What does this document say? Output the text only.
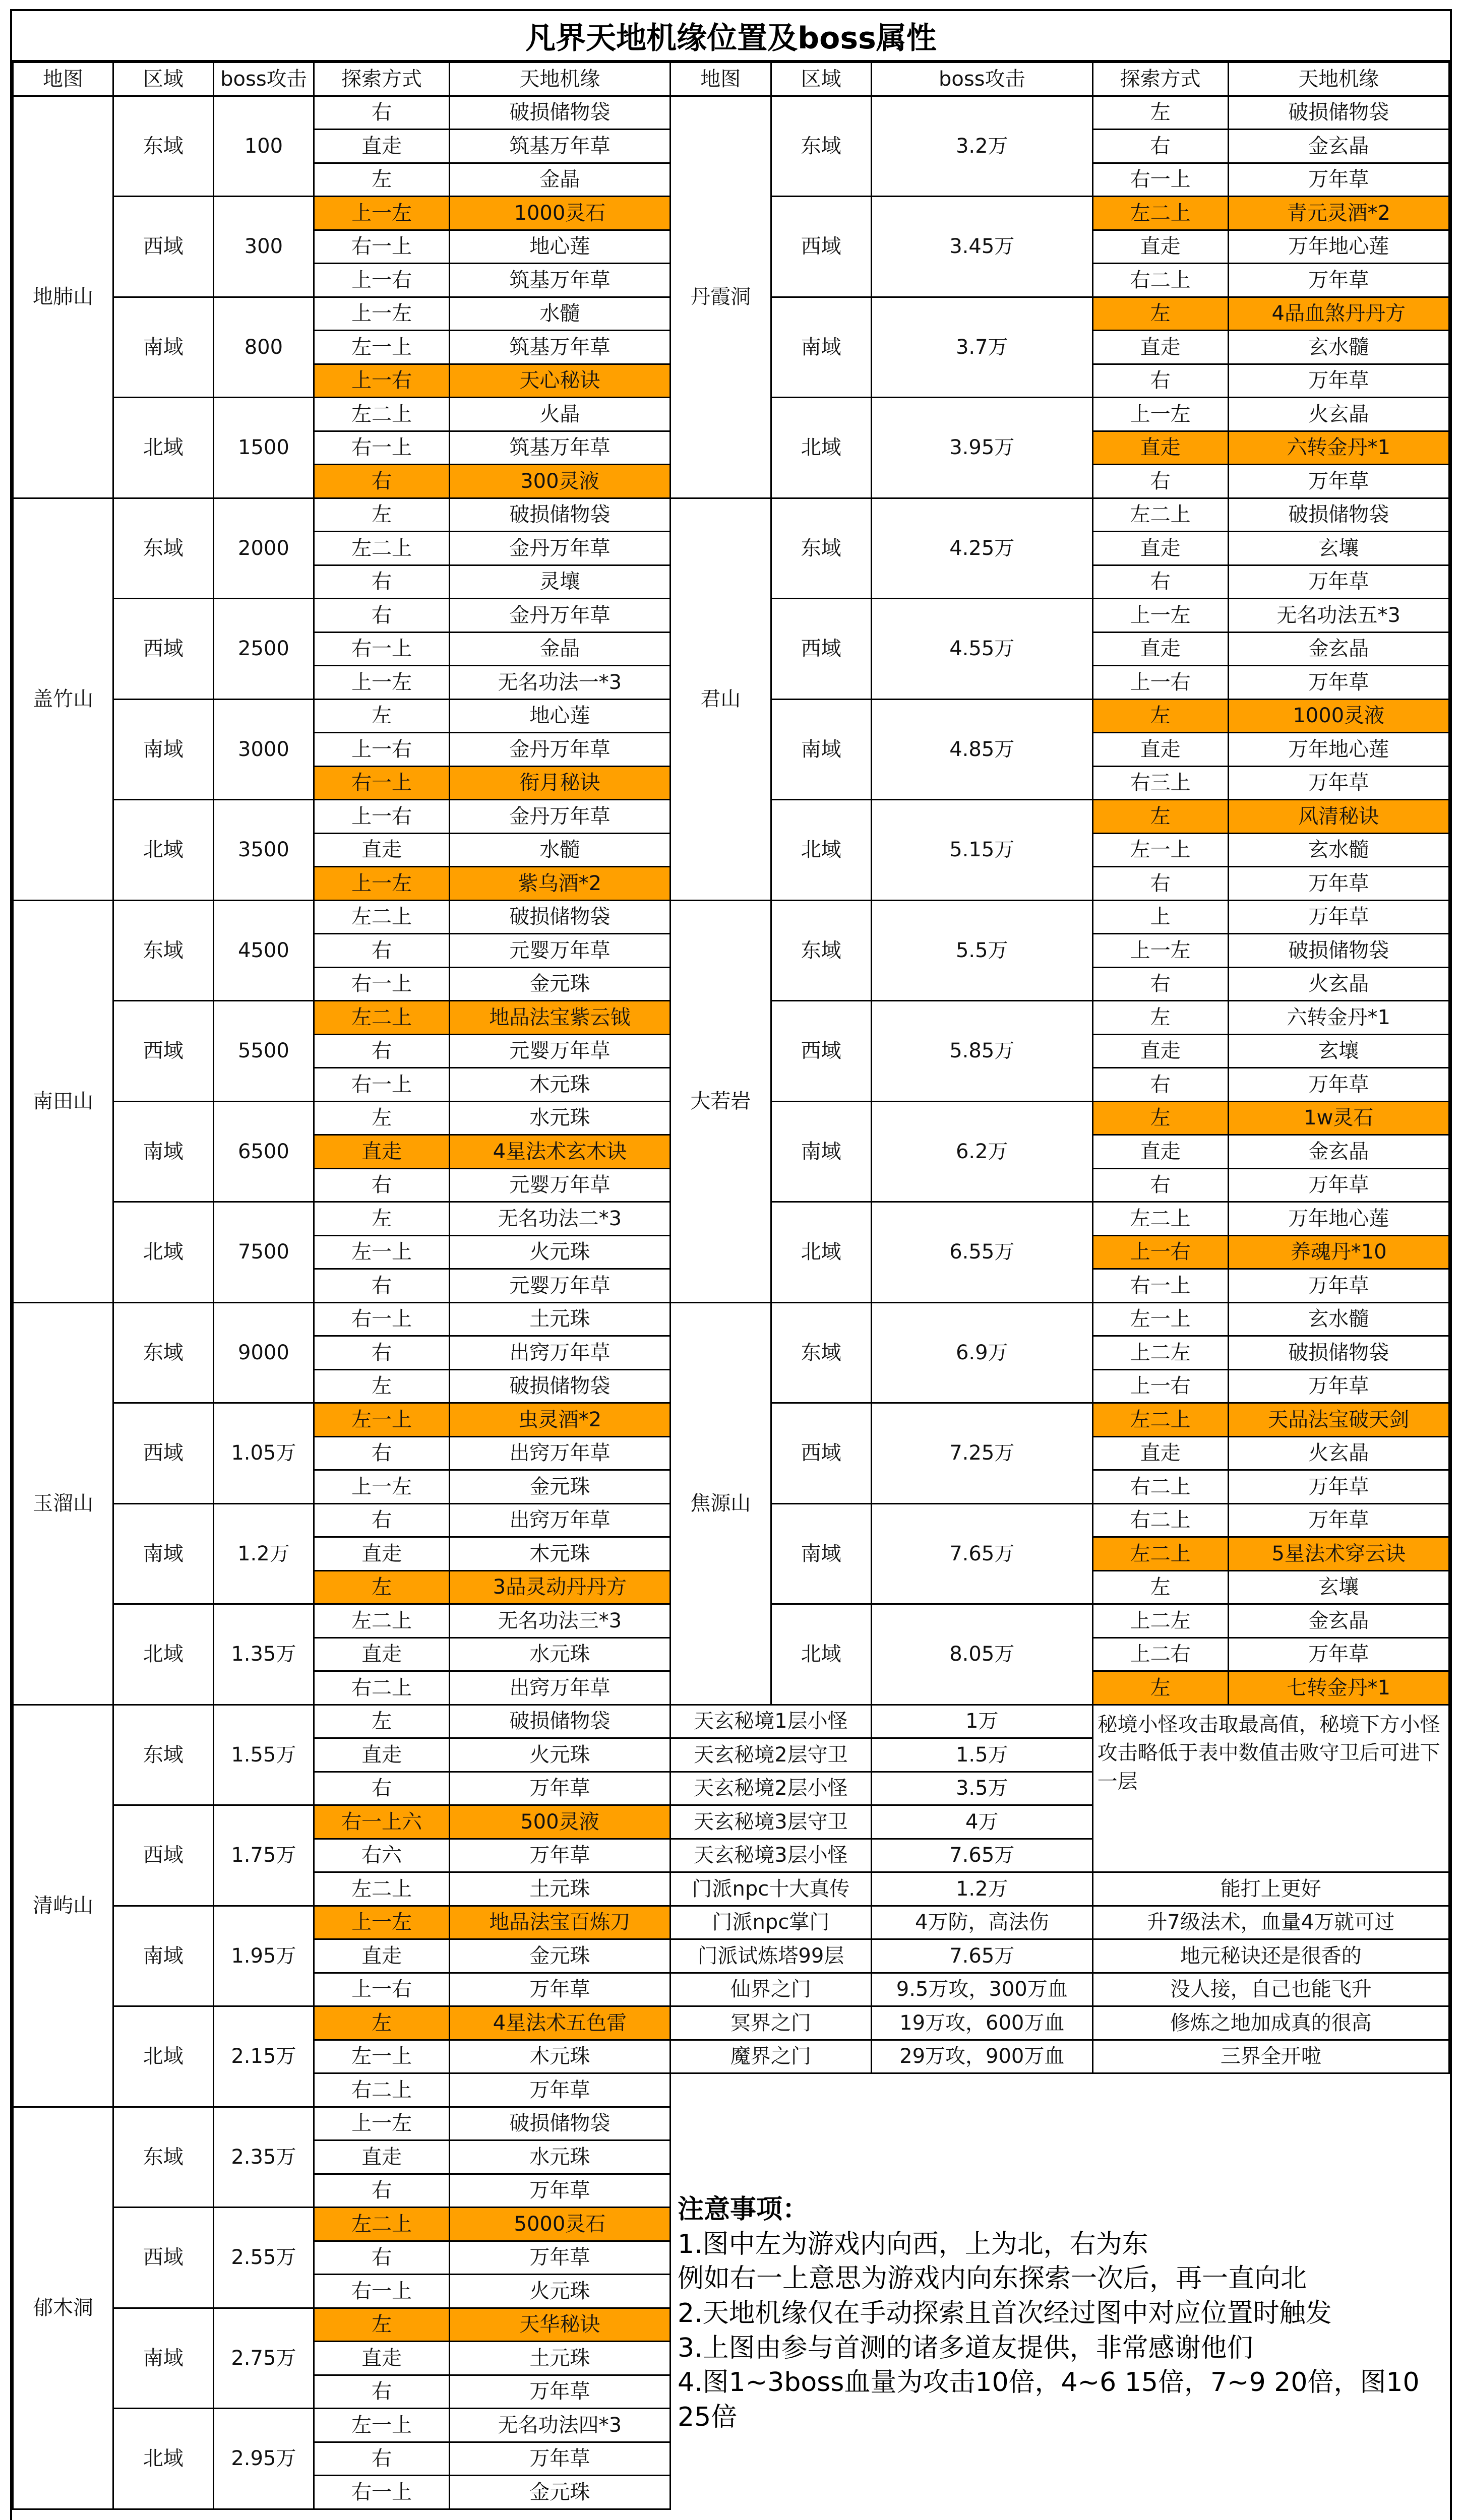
凡界天地机缘位置及boss属性
地图	区域	boss攻击	探索方式	天地机缘	地图	区域	boss攻击	探索方式	天地机缘
地肺山	东域	100	右	破损储物袋	丹霞洞	东域	3.2万	左	破损储物袋
			直走	筑基万年草				右	金玄晶
			左	金晶				右一上	万年草
	西域	300	上一左	1000灵石		西域	3.45万	左二上	青元灵酒*2
			右一上	地心莲				直走	万年地心莲
			上一右	筑基万年草				右二上	万年草
	南域	800	上一左	水髓		南域	3.7万	左	4品血煞丹丹方
			左一上	筑基万年草				直走	玄水髓
			上一右	天心秘诀				右	万年草
	北域	1500	左二上	火晶		北域	3.95万	上一左	火玄晶
			右一上	筑基万年草				直走	六转金丹*1
			右	300灵液				右	万年草
盖竹山	东域	2000	左	破损储物袋	君山	东域	4.25万	左二上	破损储物袋
			左二上	金丹万年草				直走	玄壤
			右	灵壤				右	万年草
	西域	2500	右	金丹万年草		西域	4.55万	上一左	无名功法五*3
			右一上	金晶				直走	金玄晶
			上一左	无名功法一*3				上一右	万年草
	南域	3000	左	地心莲		南域	4.85万	左	1000灵液
			上一右	金丹万年草				直走	万年地心莲
			右一上	衔月秘诀				右三上	万年草
	北域	3500	上一右	金丹万年草		北域	5.15万	左	风清秘诀
			直走	水髓				左一上	玄水髓
			上一左	紫乌酒*2				右	万年草
南田山	东域	4500	左二上	破损储物袋	大若岩	东域	5.5万	上	万年草
			右	元婴万年草				上一左	破损储物袋
			右一上	金元珠				右	火玄晶
	西域	5500	左二上	地品法宝紫云钺		西域	5.85万	左	六转金丹*1
			右	元婴万年草				直走	玄壤
			右一上	木元珠				右	万年草
	南域	6500	左	水元珠		南域	6.2万	左	1w灵石
			直走	4星法术玄木诀				直走	金玄晶
			右	元婴万年草				右	万年草
	北域	7500	左	无名功法二*3		北域	6.55万	左二上	万年地心莲
			左一上	火元珠				上一右	养魂丹*10
			右	元婴万年草				右一上	万年草
玉溜山	东域	9000	右一上	土元珠	焦源山	东域	6.9万	左一上	玄水髓
			右	出窍万年草				上二左	破损储物袋
			左	破损储物袋				上一右	万年草
	西域	1.05万	左一上	虫灵酒*2		西域	7.25万	左二上	天品法宝破天剑
			右	出窍万年草				直走	火玄晶
			上一左	金元珠				右二上	万年草
	南域	1.2万	右	出窍万年草		南域	7.65万	右二上	万年草
			直走	木元珠				左二上	5星法术穿云诀
			左	3品灵动丹丹方				左	玄壤
	北域	1.35万	左二上	无名功法三*3		北域	8.05万	上二左	金玄晶
			直走	水元珠				上二右	万年草
			右二上	出窍万年草				左	七转金丹*1
清屿山	东域	1.55万	左	破损储物袋	天玄秘境1层小怪		1万	秘境小怪攻击取最高值，秘境下方小怪攻击略低于表中数值击败守卫后可进下一层	
			直走	火元珠	天玄秘境2层守卫		1.5万		
			右	万年草	天玄秘境2层小怪		3.5万		
	西域	1.75万	右一上六	500灵液	天玄秘境3层守卫		4万		
			右六	万年草	天玄秘境3层小怪		7.65万		
			左二上	土元珠	门派npc十大真传		1.2万	能打上更好	
	南域	1.95万	上一左	地品法宝百炼刀	门派npc掌门		4万防，高法伤	升7级法术，血量4万就可过	
			直走	金元珠	门派试炼塔99层		7.65万	地元秘诀还是很香的	
			上一右	万年草	仙界之门		9.5万攻，300万血	没人接，自己也能飞升	
	北域	2.15万	左	4星法术五色雷	冥界之门		19万攻，600万血	修炼之地加成真的很高	
			左一上	木元珠	魔界之门		29万攻，900万血	三界全开啦	
			右二上	万年草					
郁木洞	东域	2.35万	上一左	破损储物袋					
			直走	水元珠					
			右	万年草					
	西域	2.55万	左二上	5000灵石					
			右	万年草					
			右一上	火元珠					
	南域	2.75万	左	天华秘诀					
			直走	土元珠					
			右	万年草					
	北域	2.95万	左一上	无名功法四*3					
			右	万年草					
			右一上	金元珠					
注意事项：
1.图中左为游戏内向西，上为北，右为东
例如右一上意思为游戏内向东探索一次后，再一直向北
2.天地机缘仅在手动探索且首次经过图中对应位置时触发
3.上图由参与首测的诸多道友提供，非常感谢他们
4.图1~3boss血量为攻击10倍，4~6 15倍，7~9 20倍，图10 25倍
